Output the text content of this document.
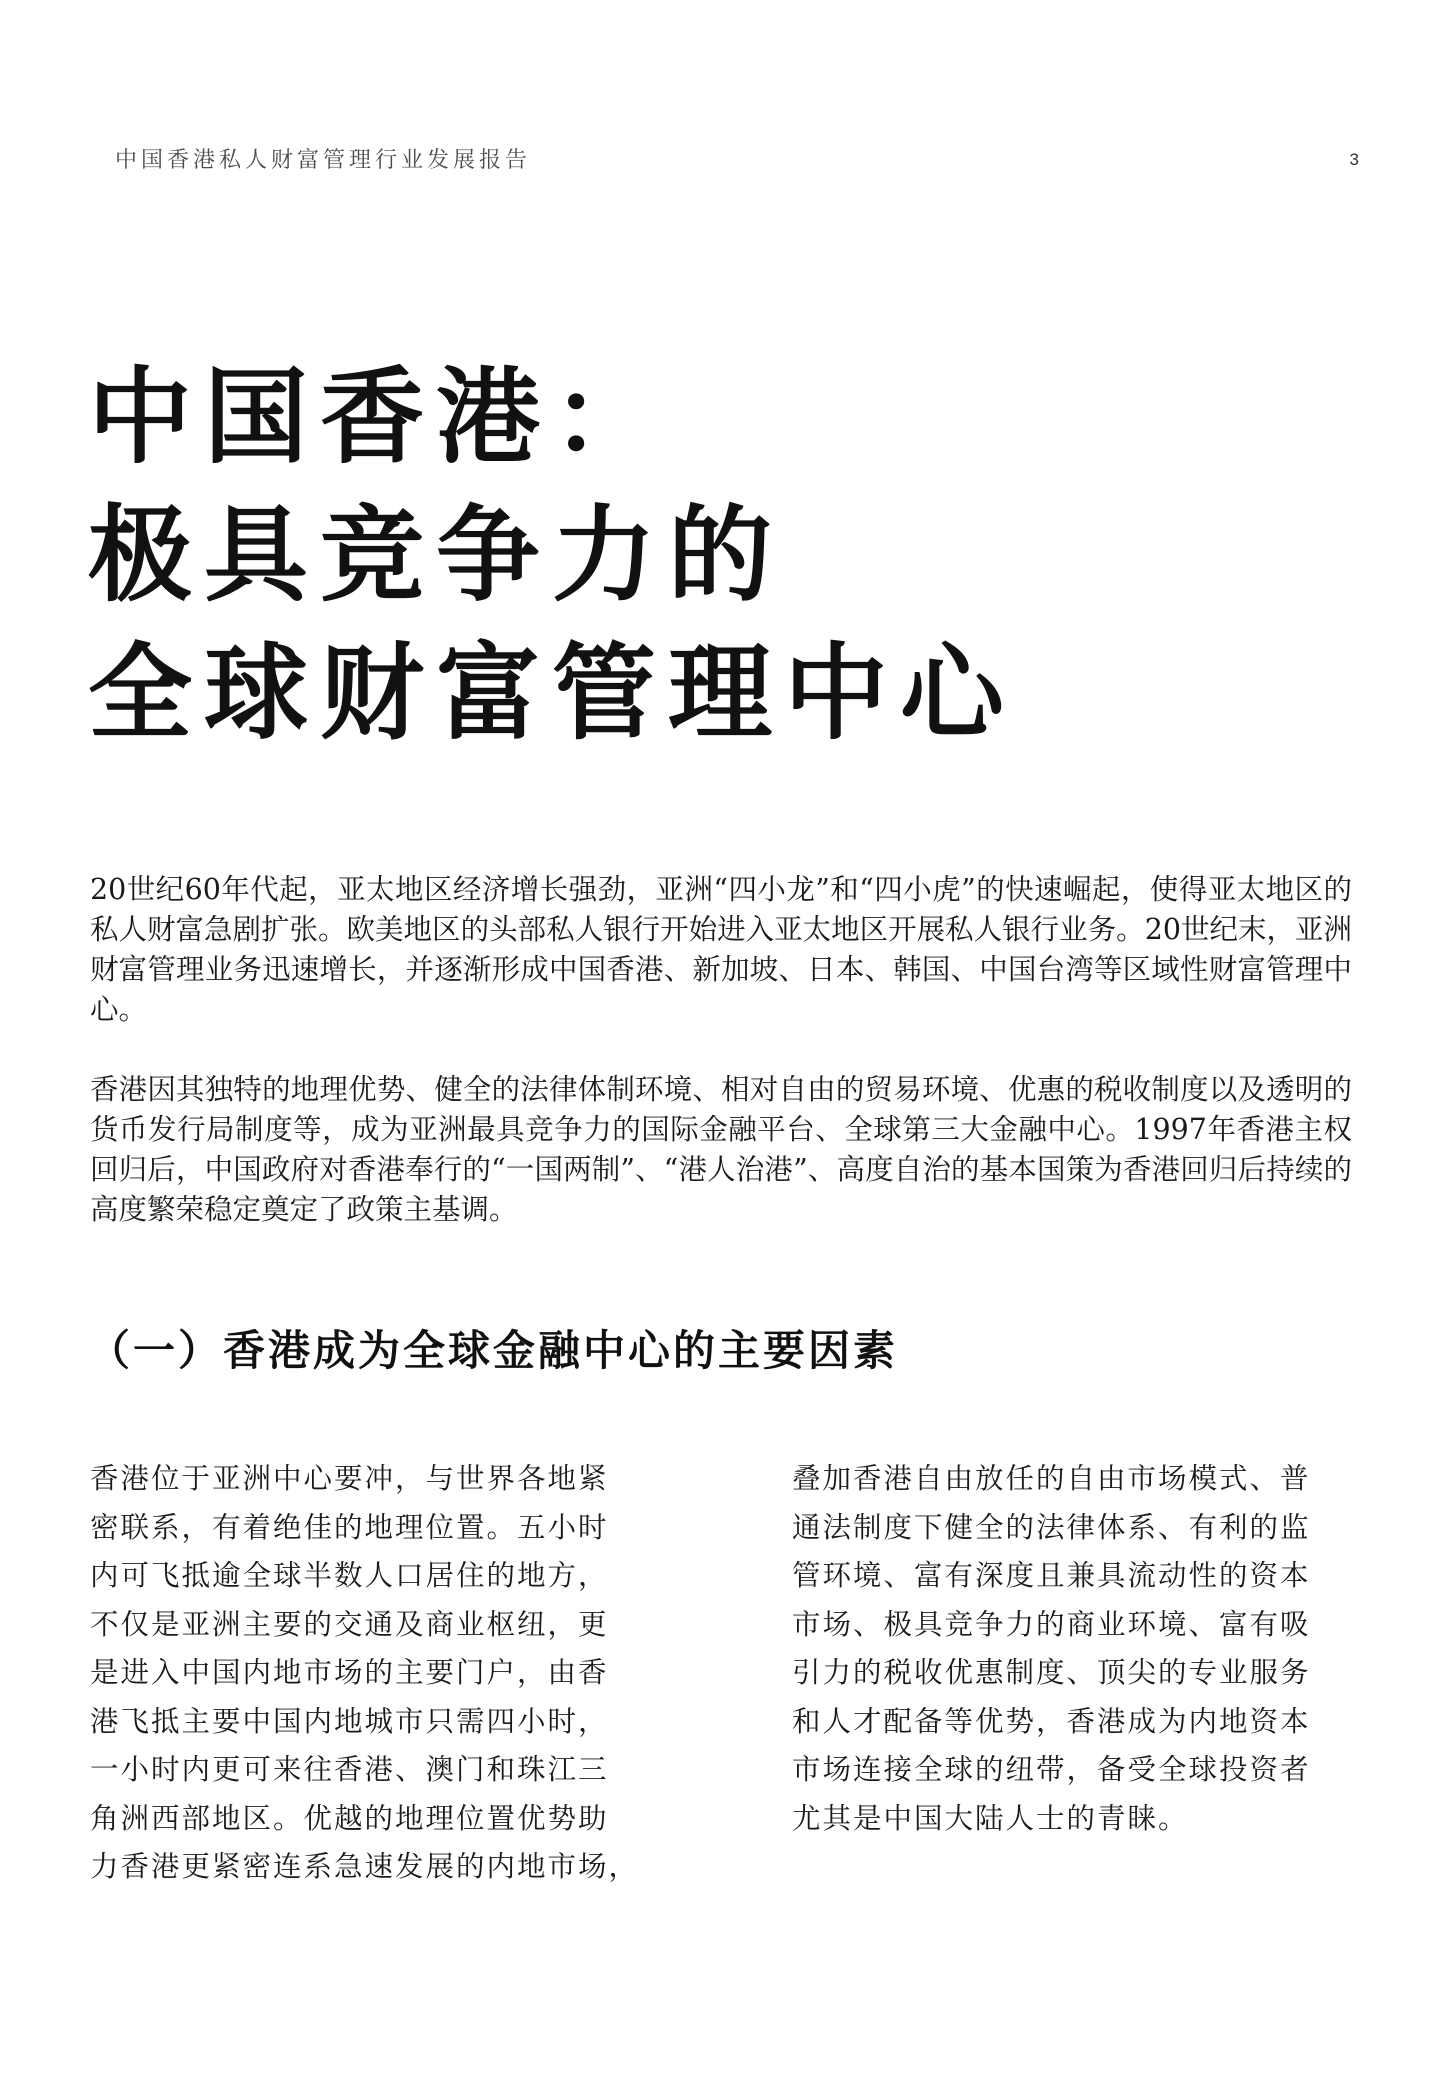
中国香港私人财富管理行业发展报告	3
中国香港：
极具竞争力的
全球财富管理中心

20世纪60年代起，亚太地区经济增长强劲，亚洲“四小龙”和“四小虎”的快速崛起，使得亚太地区的私人财富急剧扩张。欧美地区的头部私人银行开始进入亚太地区开展私人银行业务。20世纪末，亚洲财富管理业务迅速增长，并逐渐形成中国香港、新加坡、日本、韩国、中国台湾等区域性财富管理中心。

香港因其独特的地理优势、健全的法律体制环境、相对自由的贸易环境、优惠的税收制度以及透明的货币发行局制度等，成为亚洲最具竞争力的国际金融平台、全球第三大金融中心。1997年香港主权回归后，中国政府对香港奉行的“一国两制”、“港人治港”、高度自治的基本国策为香港回归后持续的高度繁荣稳定奠定了政策主基调。

（一）香港成为全球金融中心的主要因素
香港位于亚洲中心要冲，与世界各地紧
密联系，有着绝佳的地理位置。五小时
内可飞抵逾全球半数人口居住的地方，
不仅是亚洲主要的交通及商业枢纽，更
是进入中国内地市场的主要门户，由香
港飞抵主要中国内地城市只需四小时，
一小时内更可来往香港、澳门和珠江三
角洲西部地区。优越的地理位置优势助
力香港更紧密连系急速发展的内地市场，
叠加香港自由放任的自由市场模式、普
通法制度下健全的法律体系、有利的监
管环境、富有深度且兼具流动性的资本
市场、极具竞争力的商业环境、富有吸
引力的税收优惠制度、顶尖的专业服务
和人才配备等优势，香港成为内地资本
市场连接全球的纽带，备受全球投资者
尤其是中国大陆人士的青睐。
